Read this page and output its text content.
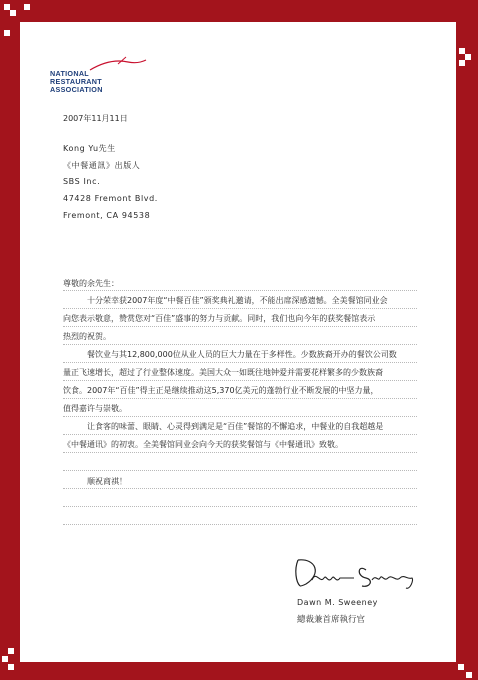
NATIONAL
RESTAURANT
ASSOCIATION
2007年11月11日
Kong Yu先生
《中餐通訊》出版人
SBS Inc.
47428 Fremont Blvd.
Fremont, CA 94538
尊敬的余先生：
十分荣幸获2007年度“中餐百佳”颁奖典礼邀请，不能出席深感遗憾。全美餐馆同业会
向您表示敬意，赞赏您对“百佳”盛事的努力与贡献。同时，我们也向今年的获奖餐馆表示
热烈的祝贺。
餐饮业与其12,800,000位从业人员的巨大力量在于多样性。少数族裔开办的餐饮公司数
量正飞速增长，超过了行业整体速度。美国大众一如既往地钟爱并需要花样繁多的少数族裔
饮食。2007年“百佳”得主正是继续推动这5,370亿美元的蓬勃行业不断发展的中坚力量，
值得嘉许与崇敬。
让食客的味蕾、眼睛、心灵得到满足是“百佳”餐馆的不懈追求，中餐业的自我超越是
《中餐通讯》的初衷。全美餐馆同业会向今天的获奖餐馆与《中餐通讯》致敬。
顺祝商祺！
Dawn M. Sweeney
總裁兼首席執行官
